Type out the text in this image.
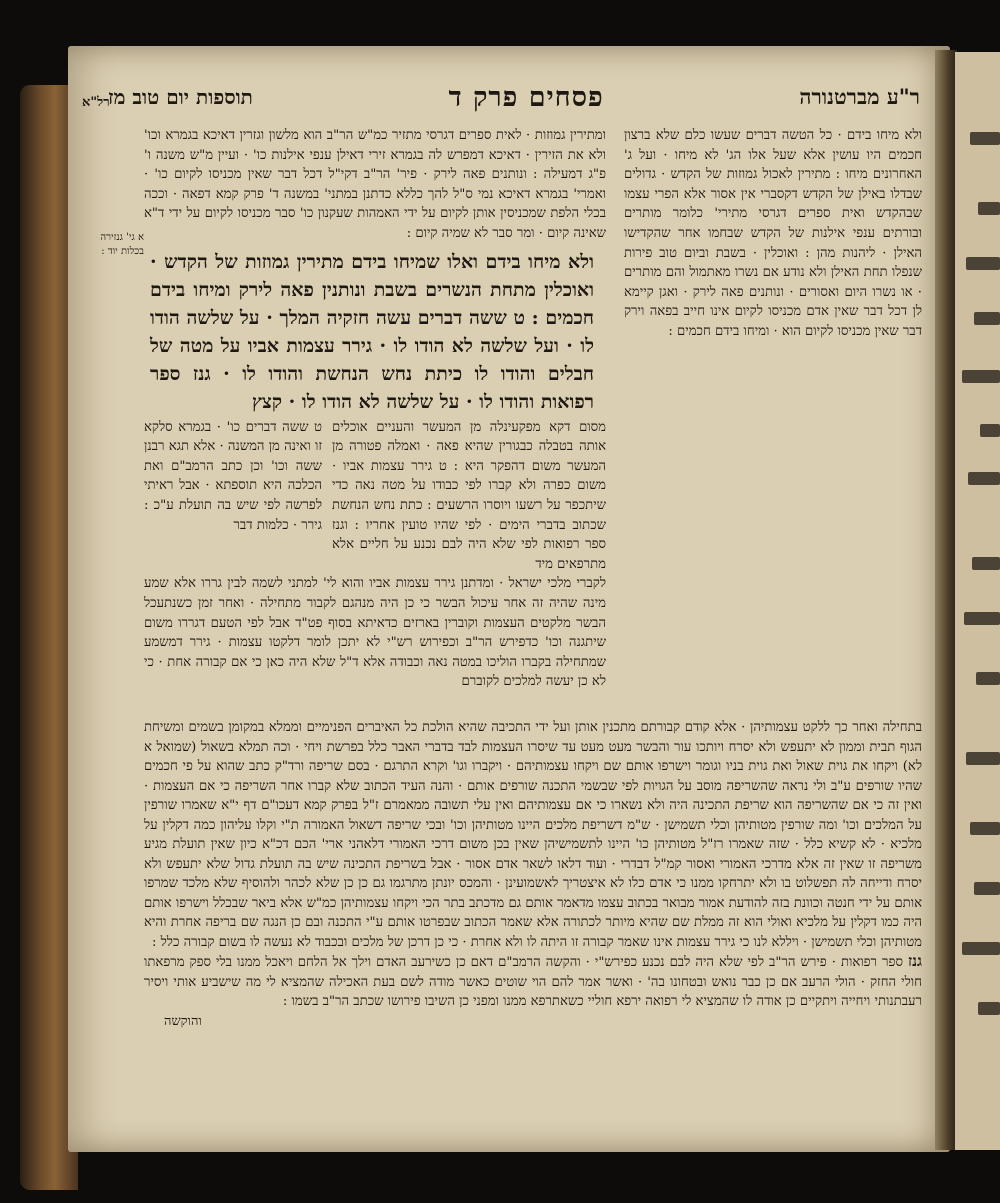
ר"ע מברטנורה
פסחים פרק ד
תוספות יום טוב מז
רל"א
א גי' גנזירה
בכלות יוד :

ולא מיחו בידם · כל הטשה דברים שעשו כלם שלא ברצון חכמים היו עושין אלא שעל אלו הג' לא מיחו · ועל ג' האחרונים מיחו : מתירין לאכול גמוזות של הקדש · גדולים שבדלו באילן של הקדש דקסברי אין אסור אלא הפרי עצמו שבהקדש ואית ספרים דגרסי מתירי' כלומר מותרים ובורתים ענפי אילנות של הקדש שבחמו אחר שהקדישו האילן · ליהנות מהן : ואוכלין · בשבת וביום טוב פירות שנפלו תחת האילן ולא נודע אם נשרו מאתמול והם מותרים · או נשרו היום ואסורים · ונותנים פאה לירק · ואגן קיימא לן דכל דבר שאין אדם מכניסו לקיום אינו חייב בפאה וירק דבר שאין מכניסו לקיום הוא · ומיחו בידם חכמים :

ומתירין גמוזות · לאית ספרים דגרסי מתזיר כמ"ש הר"ב הוא מלשון וגזרין דאיכא בגמרא וכו' ולא את הזירין · דאיכא דמפרש לה בגמרא זירי דאילן ענפי אילנות כו' · ועיין מ"ש משנה ו' פ"ג דמעילה : ונותנים פאה לירק · פיר' הר"ב דקי"ל דכל דבר שאין מכניסו לקיום כו' · ואמרי' בגמרא דאיכא נמי ס"ל להך כללא כדתנן במתני' במשנה ד' פרק קמא דפאה · וככה בכלי הלפת שמכניסין אותן לקיום על ידי האמהות שעקנון כו' סבר מכניסו לקיום על ידי ד"א שאינה קיום · ומר סבר לא שמיה קיום :

ולא מיחו בידם ואלו שמיחו בידם מתירין גמוזות של הקדש · ואוכלין מתחת הנשרים בשבת ונותנין פאה לירק ומיחו בידם חכמים : ט ששה דברים עשה חזקיה המלך · על שלשה הודו לו · ועל שלשה לא הודו לו · גירר עצמות אביו על מטה של חבלים והודו לו כיתת נחש הנחשת והודו לו · גנז ספר רפואות והודו לו · על שלשה לא הודו לו · קצץ
מסום דקא מפקעינלה מן המעשר והעניים אוכלים אותה בטבלה כבגורין שהיא פאה · ואמלה פטורה מן המעשר משום דהפקר היא : ט גירר עצמות אביו · משום כפרה ולא קברו לפי כבודו על מטה נאה כדי שיתכפר על רשעו ויוסרו הרשעים : כתת נחש הנחשת שכתוב בדברי הימים · לפי שהיו טועין אחריו : וגנז ספר רפואות לפי שלא היה לבם נכנע על חליים אלא מתרפאים מיד
ט ששה דברים כו' · בגמרא סלקא זו ואינה מן המשנה · אלא תגא רבנן ששה וכו' וכן כתב הרמב"ם ואת הכלכה היא תוספתא · אבל ראיתי לפרשה לפי שיש בה תועלת ע"כ : גירר · כלמות דבר

לקברי מלכי ישראל · ומדתנן גירר עצמות אביו והוא לי' למתני לשמה לבין גררו אלא שמע מינה שהיה זה אחר עיכול הבשר כי כן היה מנהגם לקבור מתחילה · ואחר זמן כשנתעכל הבשר מלקטים העצמות וקוברין בארזים כדאיתא בסוף פט"ד אבל לפי הטעם דגררו משום שיתגנה וכו' כדפירש הר"ב וכפירוש רש"י לא יתכן לומר דלקטו עצמות · גירר דמשמע שמתחילה בקברו הוליכו במטה נאה וכבודה אלא ד"ל שלא היה כאן כי אם קבורה אחת · כי לא כן יעשה למלכים לקוברם

בתחילה ואחר כך ללקט עצמותיהן · אלא קודם קבורתם מתכנין אותן ועל ידי התכיבה שהיא הולכת כל האיברים הפנימיים וממלא במקומן בשמים ומשיחת הגוף תבית וממון לא יתעפש ולא יסרח ויותכו עור והבשר מעט מעט עד שיסרו העצמות לבד בדברי האבר כלל בפרשת ויחי · וכה תמלא בשאול (שמואל א לא) ויקחו את גוית שאול ואת גוית בניו וגומר וישרפו אותם שם ויקחו עצמותיהם · ויקברו וגו' וקרא התרגם · בסם שריפה ורד"ק כתב שהוא על פי חכמים שהיו שורפים ע"ב ולי נראה שהשריפה מוסב על הגויות לפי שבשמי התכנה שורפים אותם · והנה העיד הכתוב שלא קברו אחר השריפה כי אם העצמות · ואין זה כי אם שהשריפה הוא שריפת התכינה היה ולא נשארו כי אם עצמותיהם ואין עלי תשובה ממאמרם ז"ל בפרק קמא דעכו"ם דף י"א שאמרו שורפין על המלכים וכו' ומה שורפין מטותיהן וכלי תשמישן · ש"מ דשריפת מלכים היינו מטותיהן וכו' ובכי שריפה דשאול האמורה ת"י וקלו עליהון כמה דקלין על מלכיא · לא קשיא כלל · שזה שאמרו רז"ל מטותיהן כו' היינו לתשמישיהן שאין בכן משום דרכי האמורי דלאהני ארי' הכם דכ"א כיון שאין תועלת מגיע משריפה זו שאין זה אלא מדרכי האמורי ואסור קמ"ל דבדרי · ועוד דלאו לשאר אדם אסור · אבל בשריפת התכינה שיש בה תועלת גדול שלא יתעפש ולא יסרח ודייחה לה תפשלוט בו ולא יתרחקו ממנו כי אדם כלו לא איצטריך לאשמועינן · והמכס יונתן מתרגמו גם כן כן שלא לכהר ולהוסיף שלא מלכד שמרפו אותם על ידי חנטה וכוונת בזה להודעת אמור מבואר בכתוב עצמו מדאמר אותם גם מדכתב בתר הכי ויקחו עצמותיהן כמ"ש אלא ביאר שבכלל וישרפו אותם היה כמו דקלין על מלכיא ואולי הוא זה ממלת שם שהיא מיותר לכתורה אלא שאמר הכתוב שבפרטו אותם ע"י התכנה ובם כן הנגה שם בריפה אחרת והיא מטותיהן וכלי תשמישן · ויללא לנו כי גירר עצמות אינו שאמר קבורה זו היתה לו ולא אחרת · כי כן דרכן של מלכים ובכבוד לא נעשה לו בשום קבורה כלל :

גנז ספר רפואות · פירש הר"ב לפי שלא היה לבם נכנע כפירש"י · והקשה הרמב"ם דאם כן כשירעב האדם וילך אל הלחם ויאכל ממנו בלי ספק מרפאתו חולי החזק · הולי הרעב אם כן כבר נואש ובטחונו בה' · ואשר אמר להם הוי שוטים כאשר מודה לשם בעת האכילה שהמציא לי מה שישביע אותי ויסיר רעבתנותי ויחייה ויתקיים כן אודה לו שהמציא לי רפואה ירפא חוליי כשאתרפא ממנו ומפני כן השיבו פירושו שכתב הר"ב בשמו :

והוקשה
